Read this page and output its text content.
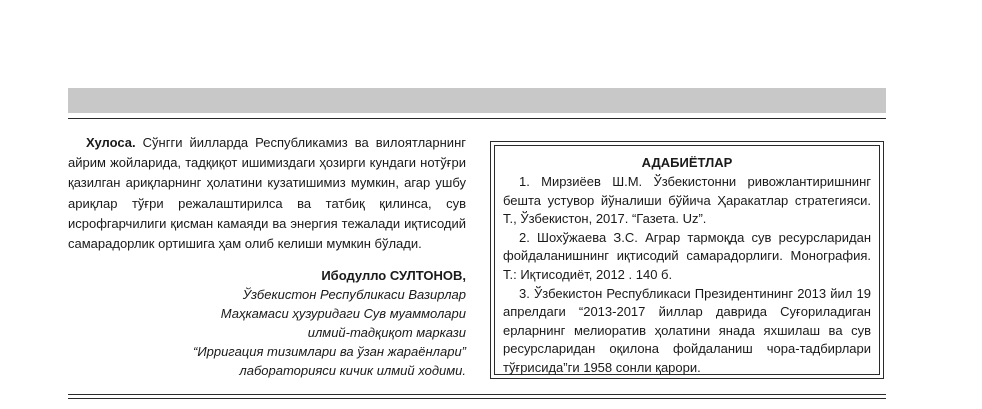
Хулоса. Сўнгги йилларда Республикамиз ва вилоятларнинг айрим жойларида, тадқиқот ишимиздаги ҳозирги кундаги нотўғри қазилган ариқларнинг ҳолатини кузатишимиз мумкин, агар ушбу ариқлар тўғри режалаштирилса ва татбиқ қилинса, сув исрофгарчилиги қисман камаяди ва энергия тежалади иқтисодий самарадорлик ортишига ҳам олиб келиши мумкин бўлади.

Ибодулло СУЛТОНОВ,
Ўзбекистон Республикаси Вазирлар
Маҳкамаси ҳузуридаги Сув муаммолари
илмий-тадқиқот маркази
“Ирригация тизимлари ва ўзан жараёнлари”
лабораторияси кичик илмий ходими.
АДАБИЁТЛАР

1. Мирзиёев Ш.М. Ўзбекистонни ривожлантиришнинг бешта устувор йўналиши бўйича Ҳаракатлар стратегияси. Т., Ўзбекистон, 2017. “Газета. Uz”.

2. Шохўжаева З.С. Аграр тармоқда сув ресурсларидан фойдаланишнинг иқтисодий самарадорлиги. Монография. Т.: Иқтисодиёт, 2012 . 140 б.

3. Ўзбекистон Республикаси Президентининг 2013 йил 19 апрелдаги “2013-2017 йиллар даврида Суғориладиган ерларнинг мелиоратив ҳолатини янада яхшилаш ва сув ресурсларидан оқилона фойдаланиш чора-тадбирлари тўғрисида”ги 1958 сонли қарори.
